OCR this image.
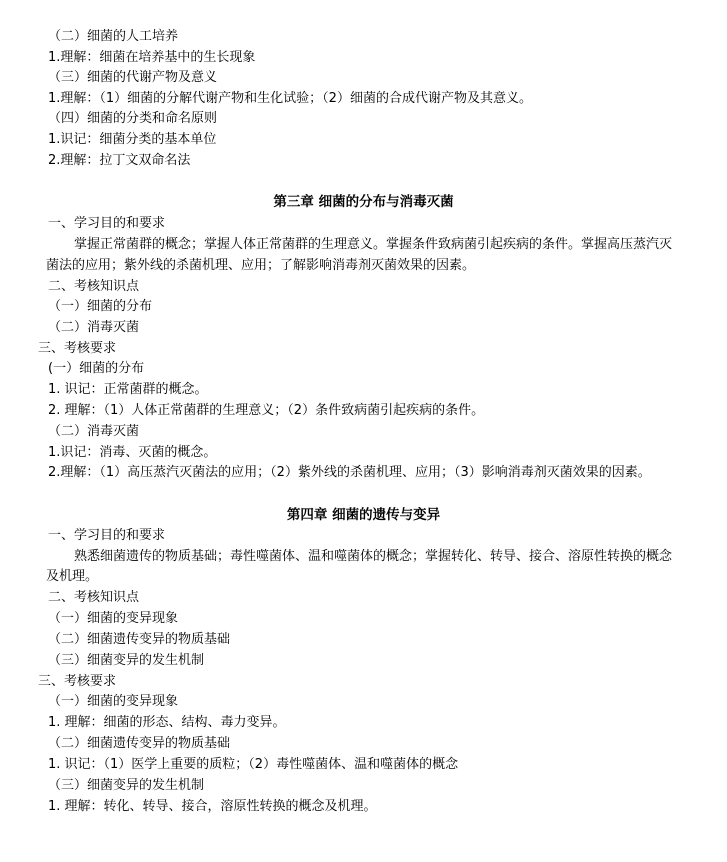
（二）细菌的人工培养
1.理解：细菌在培养基中的生长现象
（三）细菌的代谢产物及意义
1.理解：（1）细菌的分解代谢产物和生化试验；（2）细菌的合成代谢产物及其意义。
（四）细菌的分类和命名原则
1.识记：细菌分类的基本单位
2.理解：拉丁文双命名法
第三章 细菌的分布与消毒灭菌
一、学习目的和要求
掌握正常菌群的概念；掌握人体正常菌群的生理意义。掌握条件致病菌引起疾病的条件。掌握高压蒸汽灭
菌法的应用；紫外线的杀菌机理、应用；了解影响消毒剂灭菌效果的因素。
二、考核知识点
（一）细菌的分布
（二）消毒灭菌
三、考核要求
(一）细菌的分布
1. 识记：正常菌群的概念。
2. 理解：（1）人体正常菌群的生理意义；（2）条件致病菌引起疾病的条件。
（二）消毒灭菌
1.识记：消毒、灭菌的概念。
2.理解：（1）高压蒸汽灭菌法的应用；（2）紫外线的杀菌机理、应用；（3）影响消毒剂灭菌效果的因素。
第四章 细菌的遗传与变异
一、学习目的和要求
熟悉细菌遗传的物质基础；毒性噬菌体、温和噬菌体的概念；掌握转化、转导、接合、溶原性转换的概念
及机理。
二、考核知识点
（一）细菌的变异现象
（二）细菌遗传变异的物质基础
（三）细菌变异的发生机制
三、考核要求
（一）细菌的变异现象
1. 理解：细菌的形态、结构、毒力变异。
（二）细菌遗传变异的物质基础
1. 识记：（1）医学上重要的质粒；（2）毒性噬菌体、温和噬菌体的概念
（三）细菌变异的发生机制
1. 理解：转化、转导、接合，溶原性转换的概念及机理。
